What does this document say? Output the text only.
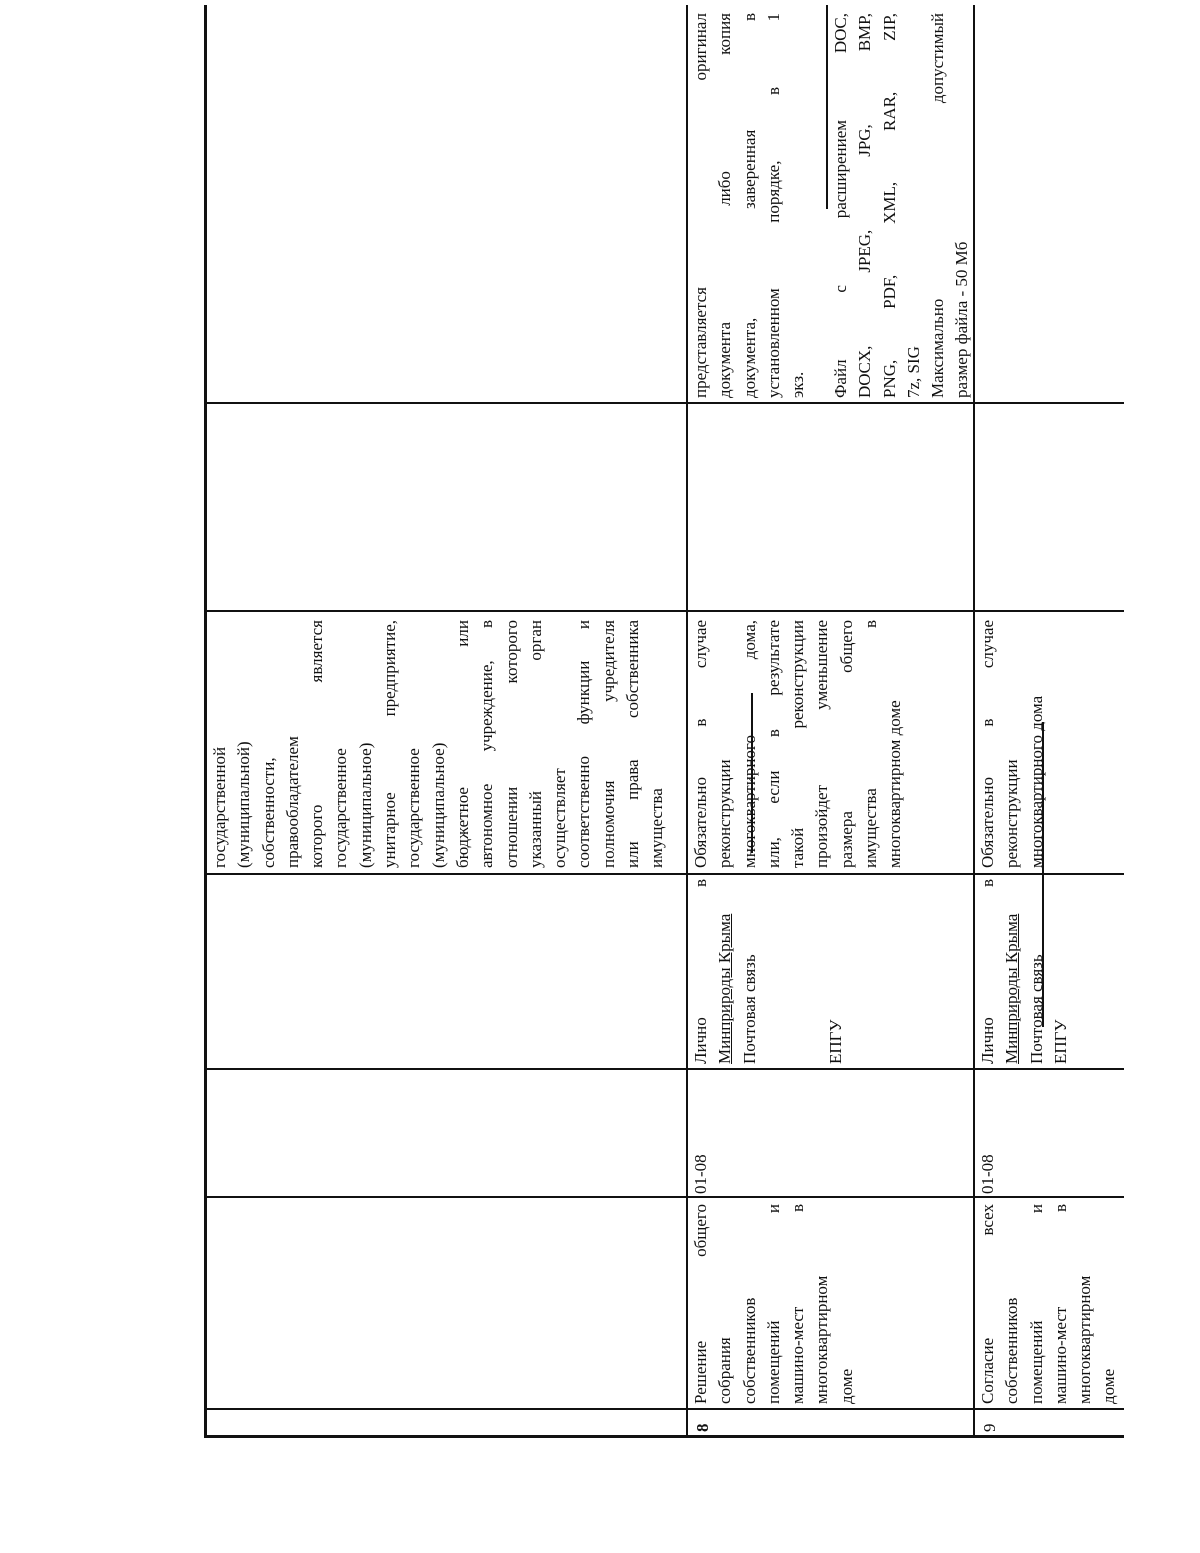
государственной (муниципальной) собственности, правообладателем которого является государственное (муниципальное) унитарное предприятие, государственное (муниципальное) бюджетное или автономное учреждение, в отношении которого указанный орган осуществляет соответственно функции и полномочия учредителя или права собственника имущества
8
Решение общего собрания собственников помещений и машино-мест в многоквартирном доме
01-08
Лично в Минприроды Крыма Почтовая связь	ЕПГУ
Обязательно в случае реконструкции многоквартирного дома, или, если в результате такой реконструкции произойдет уменьшение размера общего имущества в многоквартирном доме
представляется оригинал документа либо копия документа, заверенная в установленном порядке, в 1 экз. Файл с расширением DOC, DOCX, JPEG, JPG, BMP, PNG, PDF, XML, RAR, ZIP, 7z, SIG Максимально допустимый размер файла - 50 Мб
9
Согласие всех собственников помещений и машино-мест в многоквартирном доме
01-08
Лично в Минприроды Крыма Почтовая связь ЕПГУ
Обязательно в случае реконструкции многоквартирного дома
